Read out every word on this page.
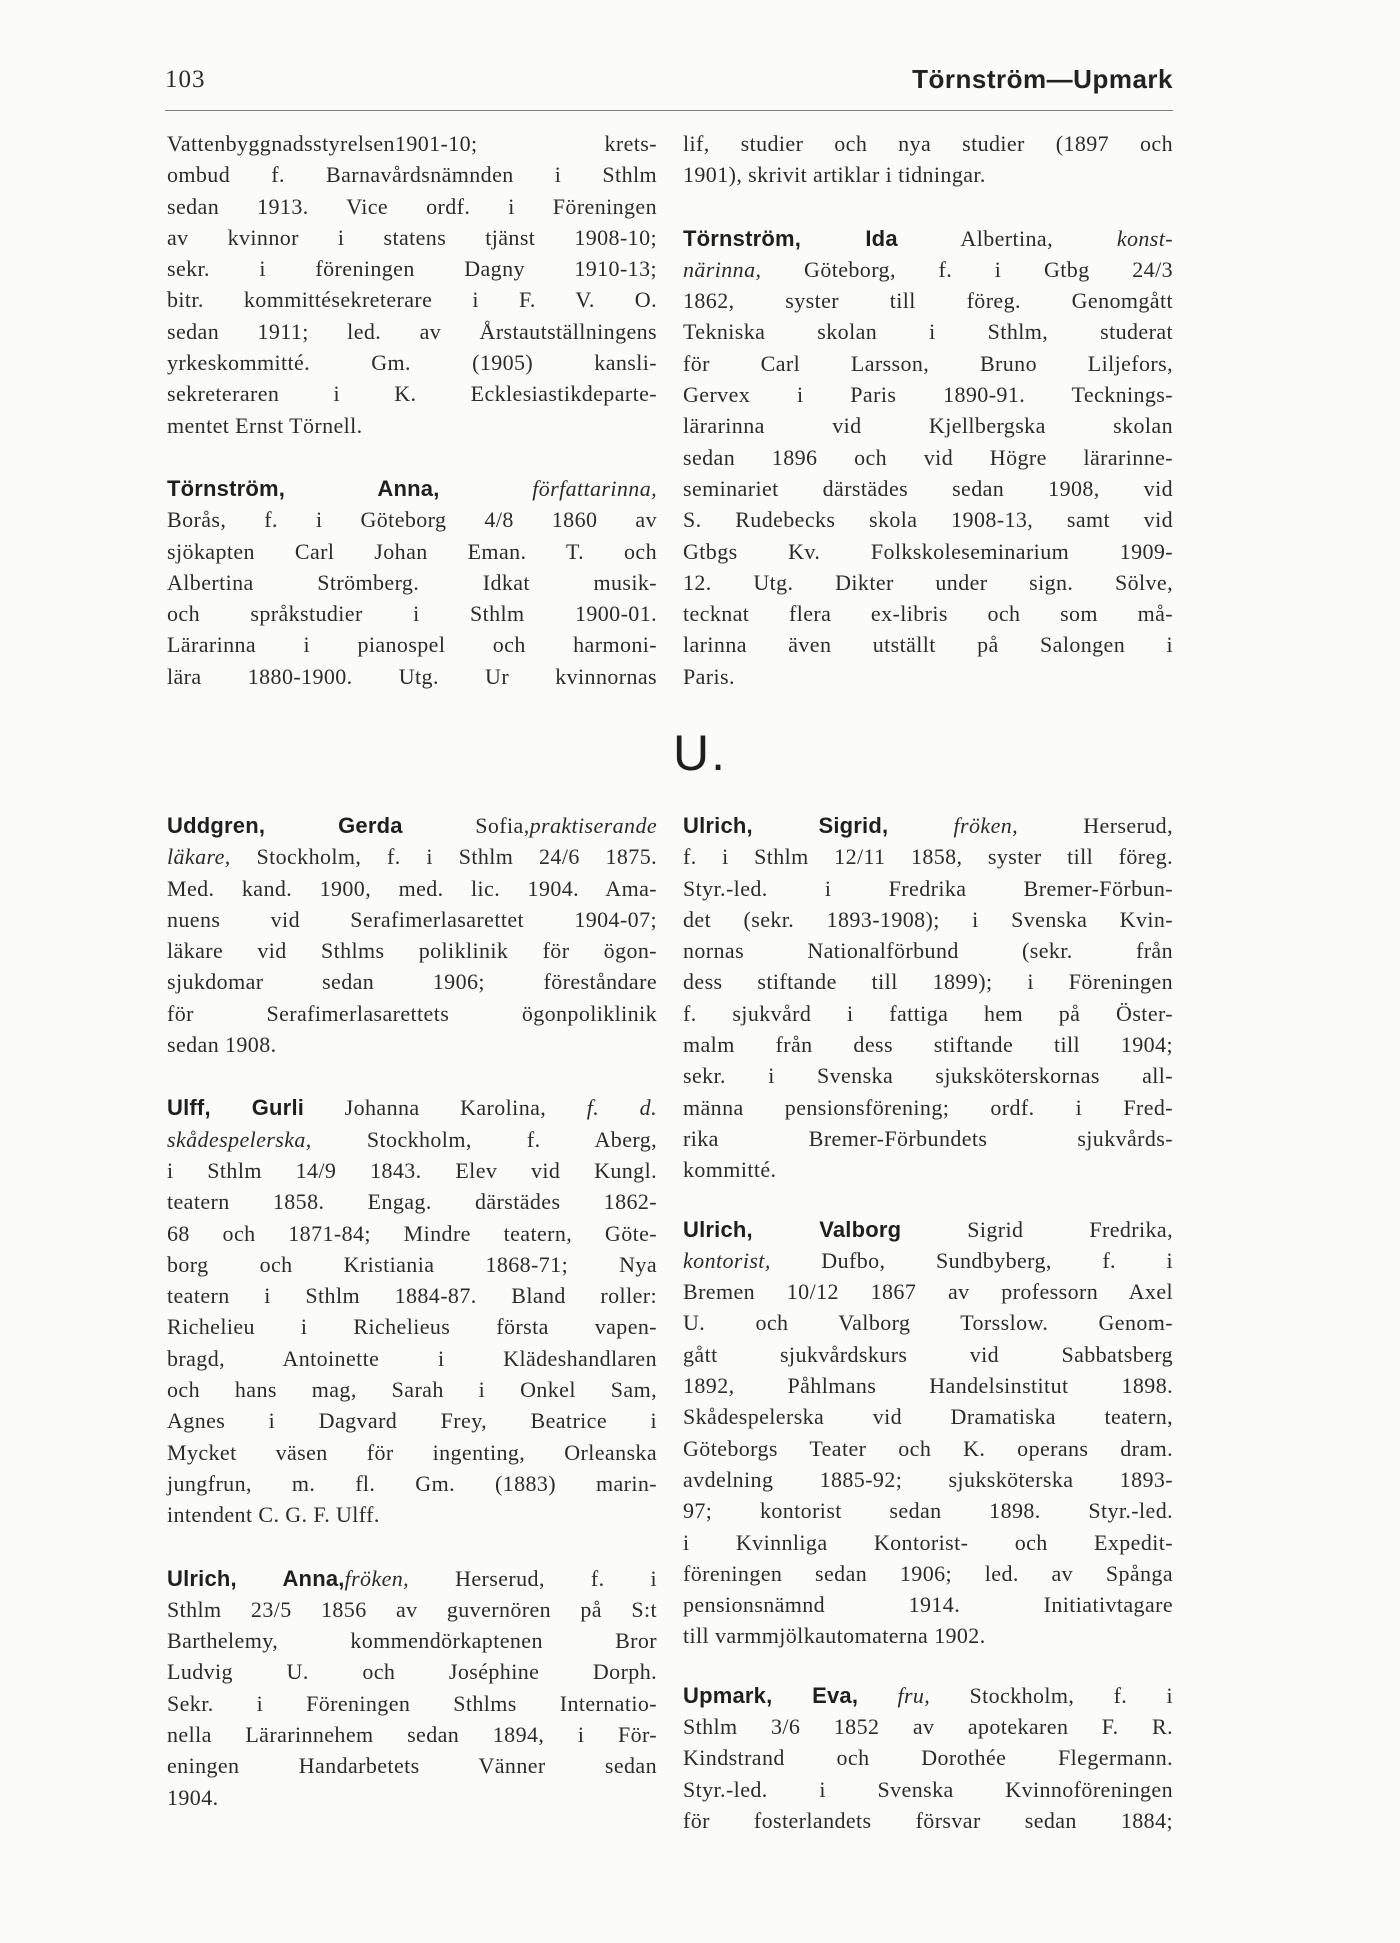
103	Törnström—Upmark
Vattenbyggnadsstyrelsen1901-10; krets-
ombud f. Barnavårdsnämnden i Sthlm
sedan 1913. Vice ordf. i Föreningen
av kvinnor i statens tjänst 1908-10;
sekr. i föreningen Dagny 1910-13;
bitr. kommittésekreterare i F. V. O.
sedan 1911; led. av Årstautställningens
yrkeskommitté. Gm. (1905) kansli-
sekreteraren i K. Ecklesiastikdeparte-
mentet Ernst Törnell.
Törnström, Anna,	författarinna,
Borås, f. i Göteborg 4/8 1860 av
sjökapten Carl Johan Eman. T. och
Albertina Strömberg. Idkat musik-
och språkstudier i Sthlm 1900-01.
Lärarinna i pianospel och harmoni-
lära 1880-1900. Utg. Ur kvinnornas
lif, studier och nya studier (1897 och
1901), skrivit artiklar i tidningar.
Törnström, Ida	Albertina,	konst-
närinna, Göteborg, f. i Gtbg 24/3
1862, syster till föreg. Genomgått
Tekniska skolan i Sthlm, studerat
för Carl Larsson, Bruno Liljefors,
Gervex i Paris 1890-91. Tecknings-
lärarinna vid Kjellbergska skolan
sedan 1896 och vid Högre lärarinne-
seminariet därstädes sedan 1908, vid
S. Rudebecks skola 1908-13, samt vid
Gtbgs Kv. Folkskoleseminarium 1909-
12. Utg. Dikter under sign. Sölve,
tecknat flera ex-libris och som må-
larinna även utställt på Salongen i
Paris.
U.
Uddgren, Gerda	Sofia,praktiserande
läkare, Stockholm, f. i Sthlm 24/6 1875.
Med. kand. 1900, med. lic. 1904. Ama-
nuens vid Serafimerlasarettet 1904-07;
läkare vid Sthlms poliklinik för ögon-
sjukdomar sedan 1906; föreståndare
för Serafimerlasarettets ögonpoliklinik
sedan 1908.
Ulff, Gurli Johanna Karolina, f. d.
skådespelerska,	Stockholm, f. Aberg,
i Sthlm 14/9 1843. Elev vid Kungl.
teatern 1858. Engag. därstädes 1862-
68 och 1871-84; Mindre teatern, Göte-
borg och Kristiania 1868-71; Nya
teatern i Sthlm 1884-87. Bland roller:
Richelieu i Richelieus första vapen-
bragd, Antoinette i Klädeshandlaren
och hans mag, Sarah i Onkel Sam,
Agnes i Dagvard Frey, Beatrice i
Mycket väsen för ingenting, Orleanska
jungfrun, m. fl. Gm. (1883) marin-
intendent C. G. F. Ulff.
Ulrich, Anna,fröken, Herserud, f. i
Sthlm 23/5 1856 av guvernören på S:t
Barthelemy, kommendörkaptenen Bror
Ludvig U. och Joséphine Dorph.
Sekr. i Föreningen Sthlms Internatio-
nella Lärarinnehem sedan 1894, i För-
eningen Handarbetets Vänner sedan
1904.
Ulrich, Sigrid,	fröken,	Herserud,
f. i Sthlm 12/11 1858, syster till föreg.
Styr.-led. i Fredrika Bremer-Förbun-
det (sekr. 1893-1908); i Svenska Kvin-
nornas Nationalförbund (sekr. från
dess stiftande till 1899); i Föreningen
f. sjukvård i fattiga hem på Öster-
malm från dess stiftande till 1904;
sekr. i Svenska sjuksköterskornas all-
männa pensionsförening; ordf. i Fred-
rika Bremer-Förbundets sjukvårds-
kommitté.
Ulrich, Valborg	Sigrid Fredrika,
kontorist, Dufbo, Sundbyberg, f. i
Bremen 10/12 1867 av professorn Axel
U. och Valborg Torsslow. Genom-
gått sjukvårdskurs vid Sabbatsberg
1892, Påhlmans Handelsinstitut 1898.
Skådespelerska vid Dramatiska teatern,
Göteborgs Teater och K. operans dram.
avdelning 1885-92; sjuksköterska 1893-
97; kontorist sedan 1898. Styr.-led.
i Kvinnliga Kontorist- och Expedit-
föreningen sedan 1906; led. av Spånga
pensionsnämnd 1914. Initiativtagare
till varmmjölkautomaterna 1902.
Upmark, Eva, fru, Stockholm, f. i
Sthlm 3/6 1852 av apotekaren F. R.
Kindstrand och Dorothée Flegermann.
Styr.-led. i Svenska Kvinnoföreningen
för fosterlandets försvar sedan 1884;
